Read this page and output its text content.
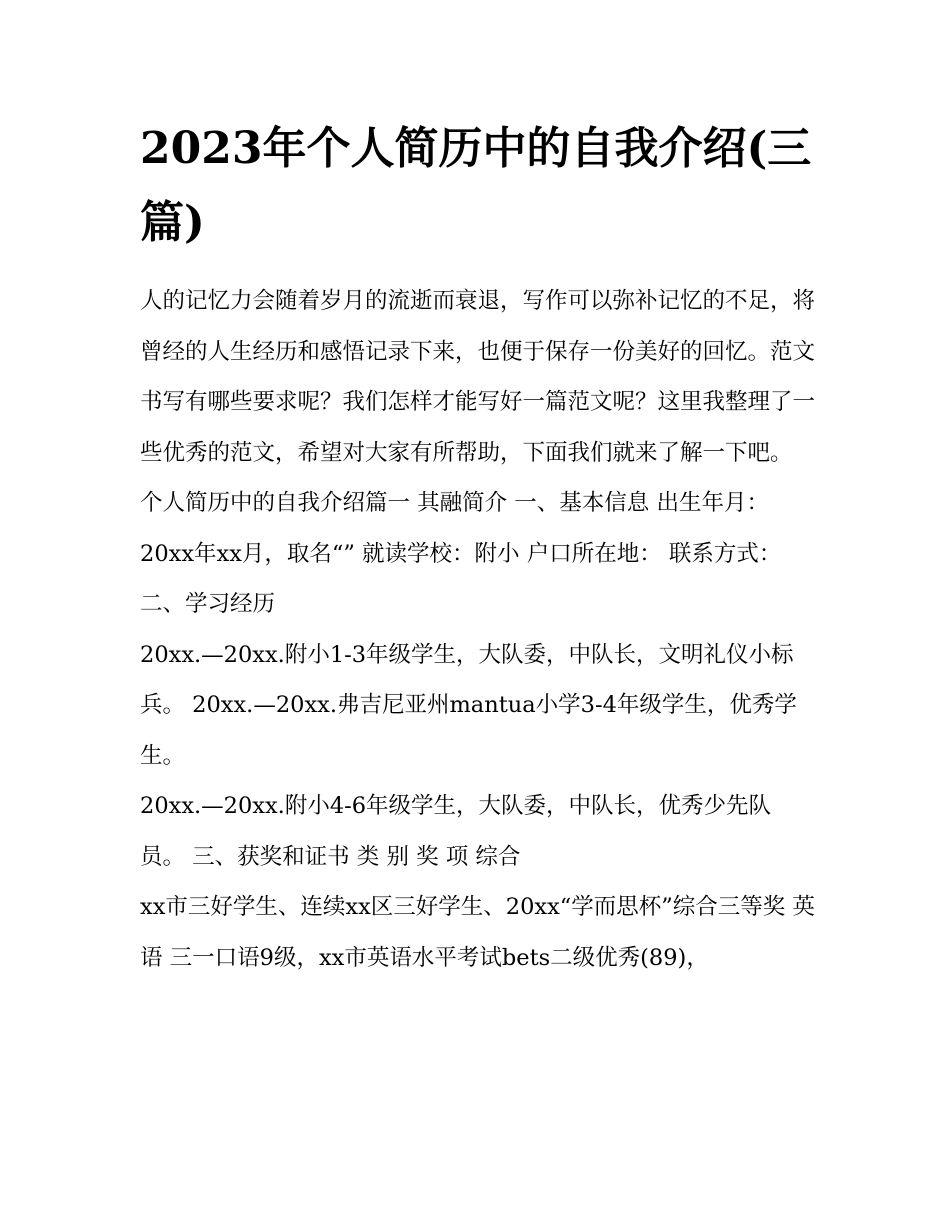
2023年个人简历中的自我介绍(三篇)

人的记忆力会随着岁月的流逝而衰退，写作可以弥补记忆的不足，将曾经的人生经历和感悟记录下来，也便于保存一份美好的回忆。范文书写有哪些要求呢？我们怎样才能写好一篇范文呢？这里我整理了一些优秀的范文，希望对大家有所帮助，下面我们就来了解一下吧。

个人简历中的自我介绍篇一 其融简介 一、基本信息 出生年月：20xx年xx月，取名“” 就读学校：附小 户口所在地： 联系方式： 二、学习经历

20xx.—20xx.附小1-3年级学生，大队委，中队长，文明礼仪小标兵。 20xx.—20xx.弗吉尼亚州mantua小学3-4年级学生，优秀学生。

20xx.—20xx.附小4-6年级学生，大队委，中队长，优秀少先队员。 三、获奖和证书 类 别 奖 项 综合

xx市三好学生、连续xx区三好学生、20xx“学而思杯”综合三等奖 英语 三一口语9级，xx市英语水平考试bets二级优秀(89)，
